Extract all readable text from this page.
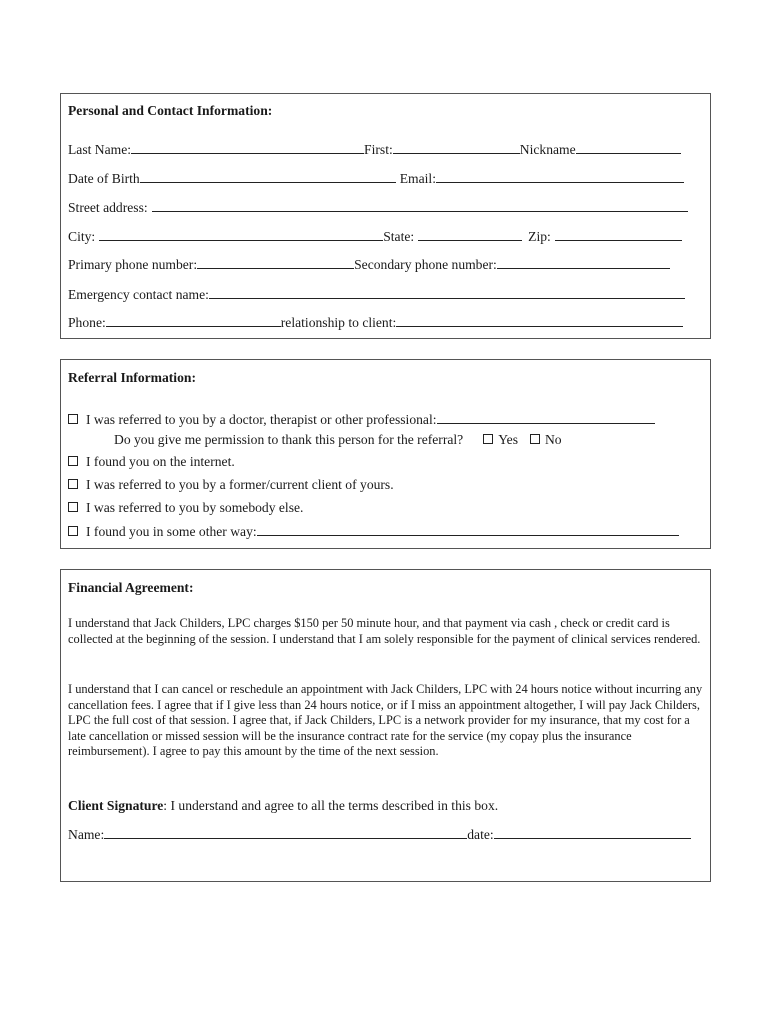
Personal and Contact Information:
Last Name:	First:	Nickname
Date of Birth	Email:
Street address:
City:	State:	Zip:
Primary phone number:	Secondary phone number:
Emergency contact name:
Phone:	relationship to client:
Referral Information:
I was referred to you by a doctor, therapist or other professional:
Do you give me permission to thank this person for the referral?	Yes No
I found you on the internet.
I was referred to you by a former/current client of yours.
I was referred to you by somebody else.
I found you in some other way:
Financial Agreement:
I understand that Jack Childers, LPC charges $150 per 50 minute hour, and that payment via cash , check or credit card is collected at the beginning of the session. I understand that I am solely responsible for the payment of clinical services rendered.
I understand that I can cancel or reschedule an appointment with Jack Childers, LPC with 24 hours notice without incurring any cancellation fees. I agree that if I give less than 24 hours notice, or if I miss an appointment altogether, I will pay Jack Childers, LPC the full cost of that session. I agree that, if Jack Childers, LPC is a network provider for my insurance, that my cost for a late cancellation or missed session will be the insurance contract rate for the service (my copay plus the insurance reimbursement). I agree to pay this amount by the time of the next session.
Client Signature: I understand and agree to all the terms described in this box.
Name:	date:
